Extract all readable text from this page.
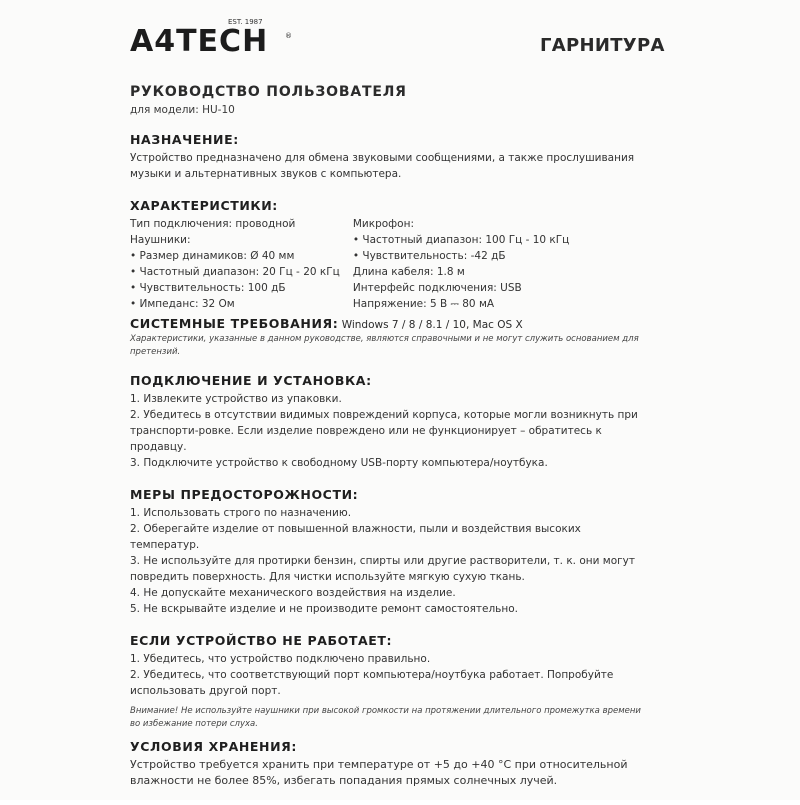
A4TECH
EST. 1987
®	ГАРНИТУРА
РУКОВОДСТВО ПОЛЬЗОВАТЕЛЯ
для модели: HU-10
НАЗНАЧЕНИЕ:
Устройство предназначено для обмена звуковыми сообщениями, а также прослушивания музыки и альтернативных звуков с компьютера.
ХАРАКТЕРИСТИКИ:
Тип подключения: проводной
Наушники:
• Размер динамиков: Ø 40 мм
• Частотный диапазон: 20 Гц - 20 кГц
• Чувствительность: 100 дБ
• Импеданс: 32 Ом
Микрофон:
• Частотный диапазон: 100 Гц - 10 кГц
• Чувствительность: -42 дБ
Длина кабеля: 1.8 м
Интерфейс подключения: USB
Напряжение: 5 В ⎓ 80 мА
СИСТЕМНЫЕ ТРЕБОВАНИЯ: Windows 7 / 8 / 8.1 / 10, Mac OS X
Характеристики, указанные в данном руководстве, являются справочными и не могут служить основанием для претензий.
ПОДКЛЮЧЕНИЕ И УСТАНОВКА:
1. Извлеките устройство из упаковки.
2. Убедитесь в отсутствии видимых повреждений корпуса, которые могли возникнуть при транспорти-ровке. Если изделие повреждено или не функционирует – обратитесь к продавцу.
3. Подключите устройство к свободному USB-порту компьютера/ноутбука.
МЕРЫ ПРЕДОСТОРОЖНОСТИ:
1. Использовать строго по назначению.
2. Оберегайте изделие от повышенной влажности, пыли и воздействия высоких температур.
3. Не используйте для протирки бензин, спирты или другие растворители, т. к. они могут повредить поверхность. Для чистки используйте мягкую сухую ткань.
4. Не допускайте механического воздействия на изделие.
5. Не вскрывайте изделие и не производите ремонт самостоятельно.
ЕСЛИ УСТРОЙСТВО НЕ РАБОТАЕТ:
1. Убедитесь, что устройство подключено правильно.
2. Убедитесь, что соответствующий порт компьютера/ноутбука работает. Попробуйте использовать другой порт.
Внимание! Не используйте наушники при высокой громкости на протяжении длительного промежутка времени во избежание потери слуха.
УСЛОВИЯ ХРАНЕНИЯ:
Устройство требуется хранить при температуре от +5 до +40 °С при относительной влажности не более 85%, избегать попадания прямых солнечных лучей.
